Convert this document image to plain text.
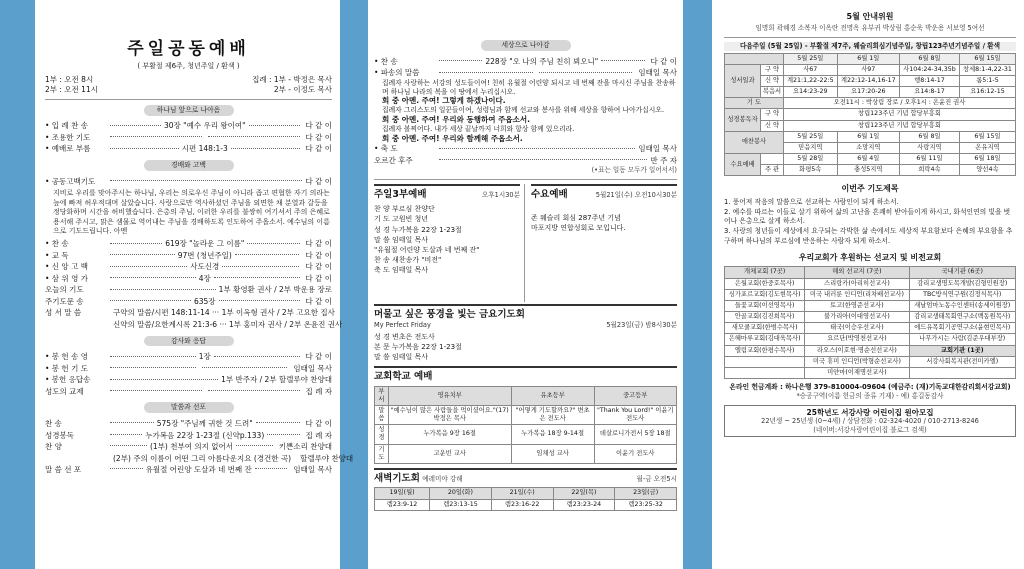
주일공동예배
( 부활절 제6주, 청년주일 / 환색 )
1부 : 오전 8시
2부 : 오전 11시
집례 : 1부 - 박정은 목사
2부 - 이정도 목사
하나님 앞으로 나아옴
• 입 례 찬 송	30장 "예수 우리 왕이여"	다 같 이
• 조용한 기도	다 같 이
• 예배로 부름	시편 148:1-3	다 같 이
경배와 고백
• 공동고백기도	다 같 이
지비로 우리를 맞아주시는 하나님, 우리는 의로우신 주님이 아니라 좁고 편협한 자기 의라는 늪에 빠져 허우적대며 살았습니다. 사랑으로만 역사하셨던 주님을 외면한 채 분열과 갈등을 정당화하며 시간을 허비했습니다. 은총의 주님, 이러한 우리를 불쌍히 여기셔서 주의 은혜로 용서해 주시고, 맑은 샘물로 역어내는 주님을 경배하도록 인도하여 주옵소서. 예수님의 이름으로 기도드립니다. 아멘
• 찬 송	619장 "놀라운 그 이름"	다 같 이
• 교 독	97번 (청년주일)	다 같 이
• 신 앙 고 백	사도신경	다 같 이
• 삼 위 영 가	4장	다 같 이
오늘의 기도	1부 황영환 권사 / 2부 박운용 장로
주기도문 송	635장	다 같 이
성 서 말 씀	구약의 말씀/시편 148:11-14 ··· 1부 이옥형 권사 / 2부 고요한 집사
신약의 말씀/요한계시록 21:3-6 ··· 1부 홍미자 권사 / 2부 온윤진 권사
감사와 응답
• 봉 헌 송 영	1장	다 같 이
• 봉 헌 기 도	임태일 목사
• 봉헌 응답송	1부 반주자 / 2부 할렐루야 찬양대
성도의 교제	집 례 자
말씀과 선포
찬 송	575장 "주님께 귀한 것 드려"	다 같 이
성경봉독	누가복음 22장 1-23절 (신약p.133)	집 례 자
찬 양	(1부) 천부여 의지 없어서	키쁜소리 찬양대
(2부) 주의 이름이 어떤 그리 아름다운지요 (경건한 곡) 할렐루야 찬양대
말 씀 선 포	유월절 어린양 도살과 네 번째 잔	임태일 목사
세상으로 나아감
• 찬 송	228장 "오 나의 주님 친히 뵈오니"	다 같 이
• 파송의 말씀	임태일 목사
집례자 사랑하는 서강의 성도들이여! 친히 유월절 어린양 되시고 네 번째 잔을 마시신 주님을 찬송하며 하나님 나라의 복을 이 땅에서 누리십시오.
회 중 아멘. 주여! 그렇게 하겠나이다.
집례자 그리스도의 일꾼들이여, 성령님과 함께 선교와 봉사를 위해 세상을 향하여 나아가십시오.
회 중 아멘. 주여! 우리와 동행하여 주옵소서.
집례자 볼찌어다. 내가 세상 끝날까지 너희와 항상 함께 있으리라.
회 중 아멘. 주여! 우리와 함께해 주옵소서.
• 축 도	임태일 목사
오르간 후주	반 주 자
(•표는 일동 모두가 일어서서)
주일3부예배	오후1시30분
찬 양 부르심 찬양단
기 도 고원빈 청년
성 경 누가복음 22장 1-23절
말 씀 임태일 목사
"유월절 어린양 도살과 네 번째 잔"
찬 송 새찬송가 "비전"
축 도 임태일 목사
수요예배	5월21일(수) 오전10시30분
존 웨슬리 회심 287주년 기념
마포지방 연합성회로 모입니다.
머물고 싶은 풍경을 빛는 금요기도회
My Perfect Friday	5월23일(금) 밤8시30분
성 경 변초은 전도사
본 문 누가복음 22장 1-23절
말 씀 임태일 목사
교회학교 예배
부서	영유치부	유초등부	중고등부
말씀	"예수님이 많은 사람들을 먹이셨어요."(17) 박정은 목사	"어떻게 기도할까요?" 변초은 전도사	"Thank You Lord!" 이윤기 전도사
성경	누가복음 9장 16절	누가복음 18장 9-14절	데살로니가전서 5장 18절
기도	고운빈 교사	임채성 교사	이윤기 전도사
새벽기도회 예레미야 강해	월-금 오전5시
19일(월)	20일(화)	21일(수)	22일(목)	23일(금)
렘23:9-12	렘23:13-15	렘23:16-22	렘23:23-24	렘23:25-32
5월 안내위원
임명희 곽혜경 소복자 이옥란 전명옥 유부귀 박상림 홍순욱 박운용 서보영 5여선
다음주일 (5월 25일) - 부활절 제7주, 웨슬리회심기념주일, 창립123주년기념주일 / 환색
		5월 25일	6월 1일	6월 8일	6월 15일
성서일과	구 약	사67	사97	사104:24-34,35b	창세8:1-4,22-31
	신 약	계21:1,22-22:5	계22:12-14,16-17	행8:14-17	롬5:1-5
	복음서	요14:23-29	요17:20-26	요14:8-17	요16:12-15
기 도		오전11시 : 박상림 장로 / 오후1시 : 온윤진 권사			
성경봉독자	구 약	창립123주년 기념 합당부흥회			
	신 약	창립123주년 기념 합당부흥회			
애찬봉사		5월 25일	6월 1일	6월 8일	6월 15일
		믿음지역	소망지역	사랑지역	온유지역
수요예배		5월 28일	6월 4일	6월 11일	6월 18일
	주 관	화평5속	충성5지역	희락4속	양선4속
이번주 기도제목
1. 풍어져 작음의 말씀으로 선교하는 사람인이 되게 하소서.
2. 예수를 따르는 이들로 살기 위하여 삶의 고난을 흔쾌히 받아들이게 하시고, 화석인연의 빛을 벗어나 은총으로 살게 하소서.
3. 사랑의 청년들이 세상에서 요구되는 각박한 삶 속에서도 세상적 부요함보다 은혜의 부요함을 추구하며 하나님의 부르심에 반응하는 사람자 되게 하소서.
우리교회가 후원하는 선교지 및 비전교회
개체교회 (7곳)	해외 선교지 (7곳)	국내기관 (6곳)
은월교회(한중호목사)	스리랑카(아리히선교사)	감리교생명도목개발(김형민원장)
싱가포르교회(김도현목사)	미국 내러룬 인디언(리차배선교사)	TBC방식연구원(김정식목사)
들꽃교회(이선영목사)	토고(한영준선교사)	새날엄마노동수인센터(송세이원장)
안골교회(김진희목사)	불가리아(이대영선교사)	감리교생태목회연구소(백동원목사)
새모쿨교회(한범수목사)	태국(이승우선교사)	에드유목회기공연구소(윤현민목사)
은혜마루교회(김대욱목사)	요르단(박영천선교사)	나무가시는 사람(김준우대부장)
엘림교회(한평수목사)	라오스(이호현·명순선선교사)	교회기관 (1곳)
	미국 휴미 인디언(박형순선교사)	서강사회복지관(전미카엘)
	미얀마(이재명선교사)	
온라인 헌금계좌 : 하나은행 379-810004-09604 (예금주: (재)기독교대한감리회서강교회)
*승공구역(이름 헌금의 종류 기재) - 예) 홍길동감사
25학년도 서강사랑 어린이집 원아모집
22년생 ~ 25년생 (0~4세) / 상담전화 : 02-324-4020 / 010-2713-8246
(네이버:서강사랑어린이집 블로그 검색)
